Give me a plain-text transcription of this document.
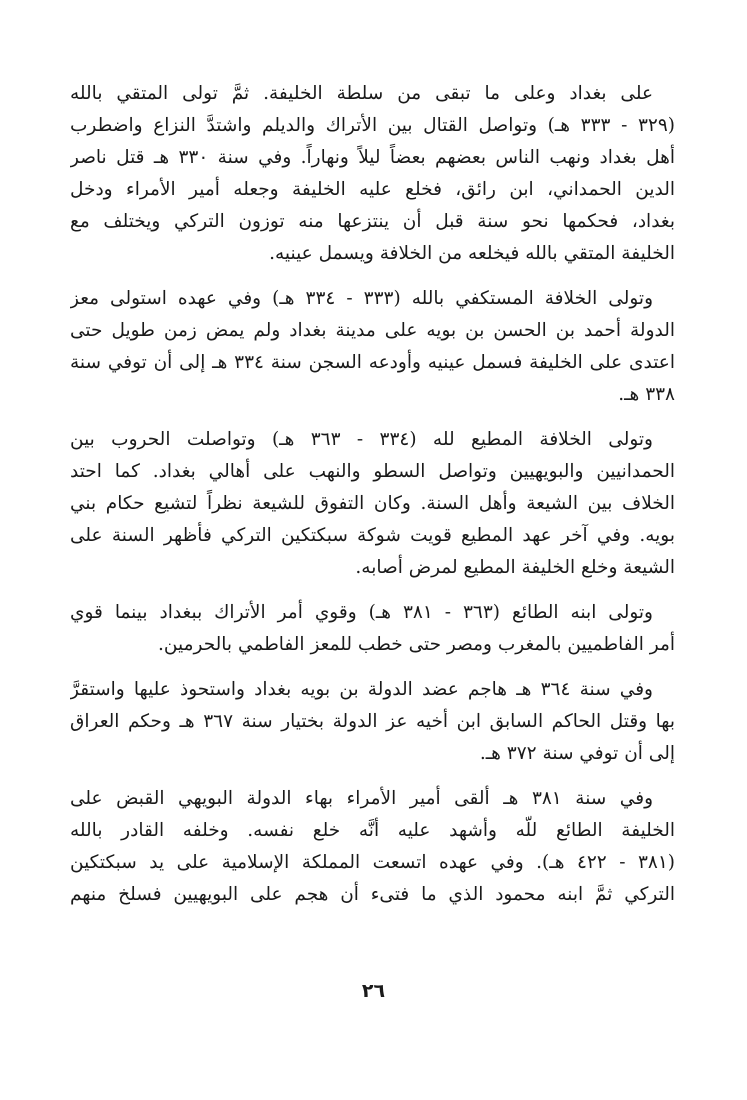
على بغداد وعلى ما تبقى من سلطة الخليفة. ثمَّ تولى المتقي بالله
(٣٢٩ - ٣٣٣ هـ) وتواصل القتال بين الأتراك والديلم واشتدَّ النزاع واضطرب
أهل بغداد ونهب الناس بعضهم بعضاً ليلاً ونهاراً. وفي سنة ٣٣٠ هـ قتل ناصر
الدين الحمداني، ابن رائق، فخلع عليه الخليفة وجعله أمير الأمراء ودخل
بغداد، فحكمها نحو سنة قبل أن ينتزعها منه توزون التركي ويختلف مع
الخليفة المتقي بالله فيخلعه من الخلافة ويسمل عينيه.
وتولى الخلافة المستكفي بالله (٣٣٣ - ٣٣٤ هـ) وفي عهده استولى معز
الدولة أحمد بن الحسن بن بويه على مدينة بغداد ولم يمض زمن طويل حتى
اعتدى على الخليفة فسمل عينيه وأودعه السجن سنة ٣٣٤ هـ إلى أن توفي سنة
٣٣٨ هـ.
وتولى الخلافة المطيع لله (٣٣٤ - ٣٦٣ هـ) وتواصلت الحروب بين
الحمدانيين والبويهيين وتواصل السطو والنهب على أهالي بغداد. كما احتد
الخلاف بين الشيعة وأهل السنة. وكان التفوق للشيعة نظراً لتشيع حكام بني
بويه. وفي آخر عهد المطيع قويت شوكة سبكتكين التركي فأظهر السنة على
الشيعة وخلع الخليفة المطيع لمرض أصابه.
وتولى ابنه الطائع (٣٦٣ - ٣٨١ هـ) وقوي أمر الأتراك ببغداد بينما قوي
أمر الفاطميين بالمغرب ومصر حتى خطب للمعز الفاطمي بالحرمين.
وفي سنة ٣٦٤ هـ هاجم عضد الدولة بن بويه بغداد واستحوذ عليها واستقرَّ
بها وقتل الحاكم السابق ابن أخيه عز الدولة بختيار سنة ٣٦٧ هـ وحكم العراق
إلى أن توفي سنة ٣٧٢ هـ.
وفي سنة ٣٨١ هـ ألقى أمير الأمراء بهاء الدولة البويهي القبض على
الخليفة الطائع للّه وأشهد عليه أنَّه خلع نفسه. وخلفه القادر بالله
(٣٨١ - ٤٢٢ هـ). وفي عهده اتسعت المملكة الإسلامية على يد سبكتكين
التركي ثمَّ ابنه محمود الذي ما فتىء أن هجم على البويهيين فسلخ منهم
٢٦
